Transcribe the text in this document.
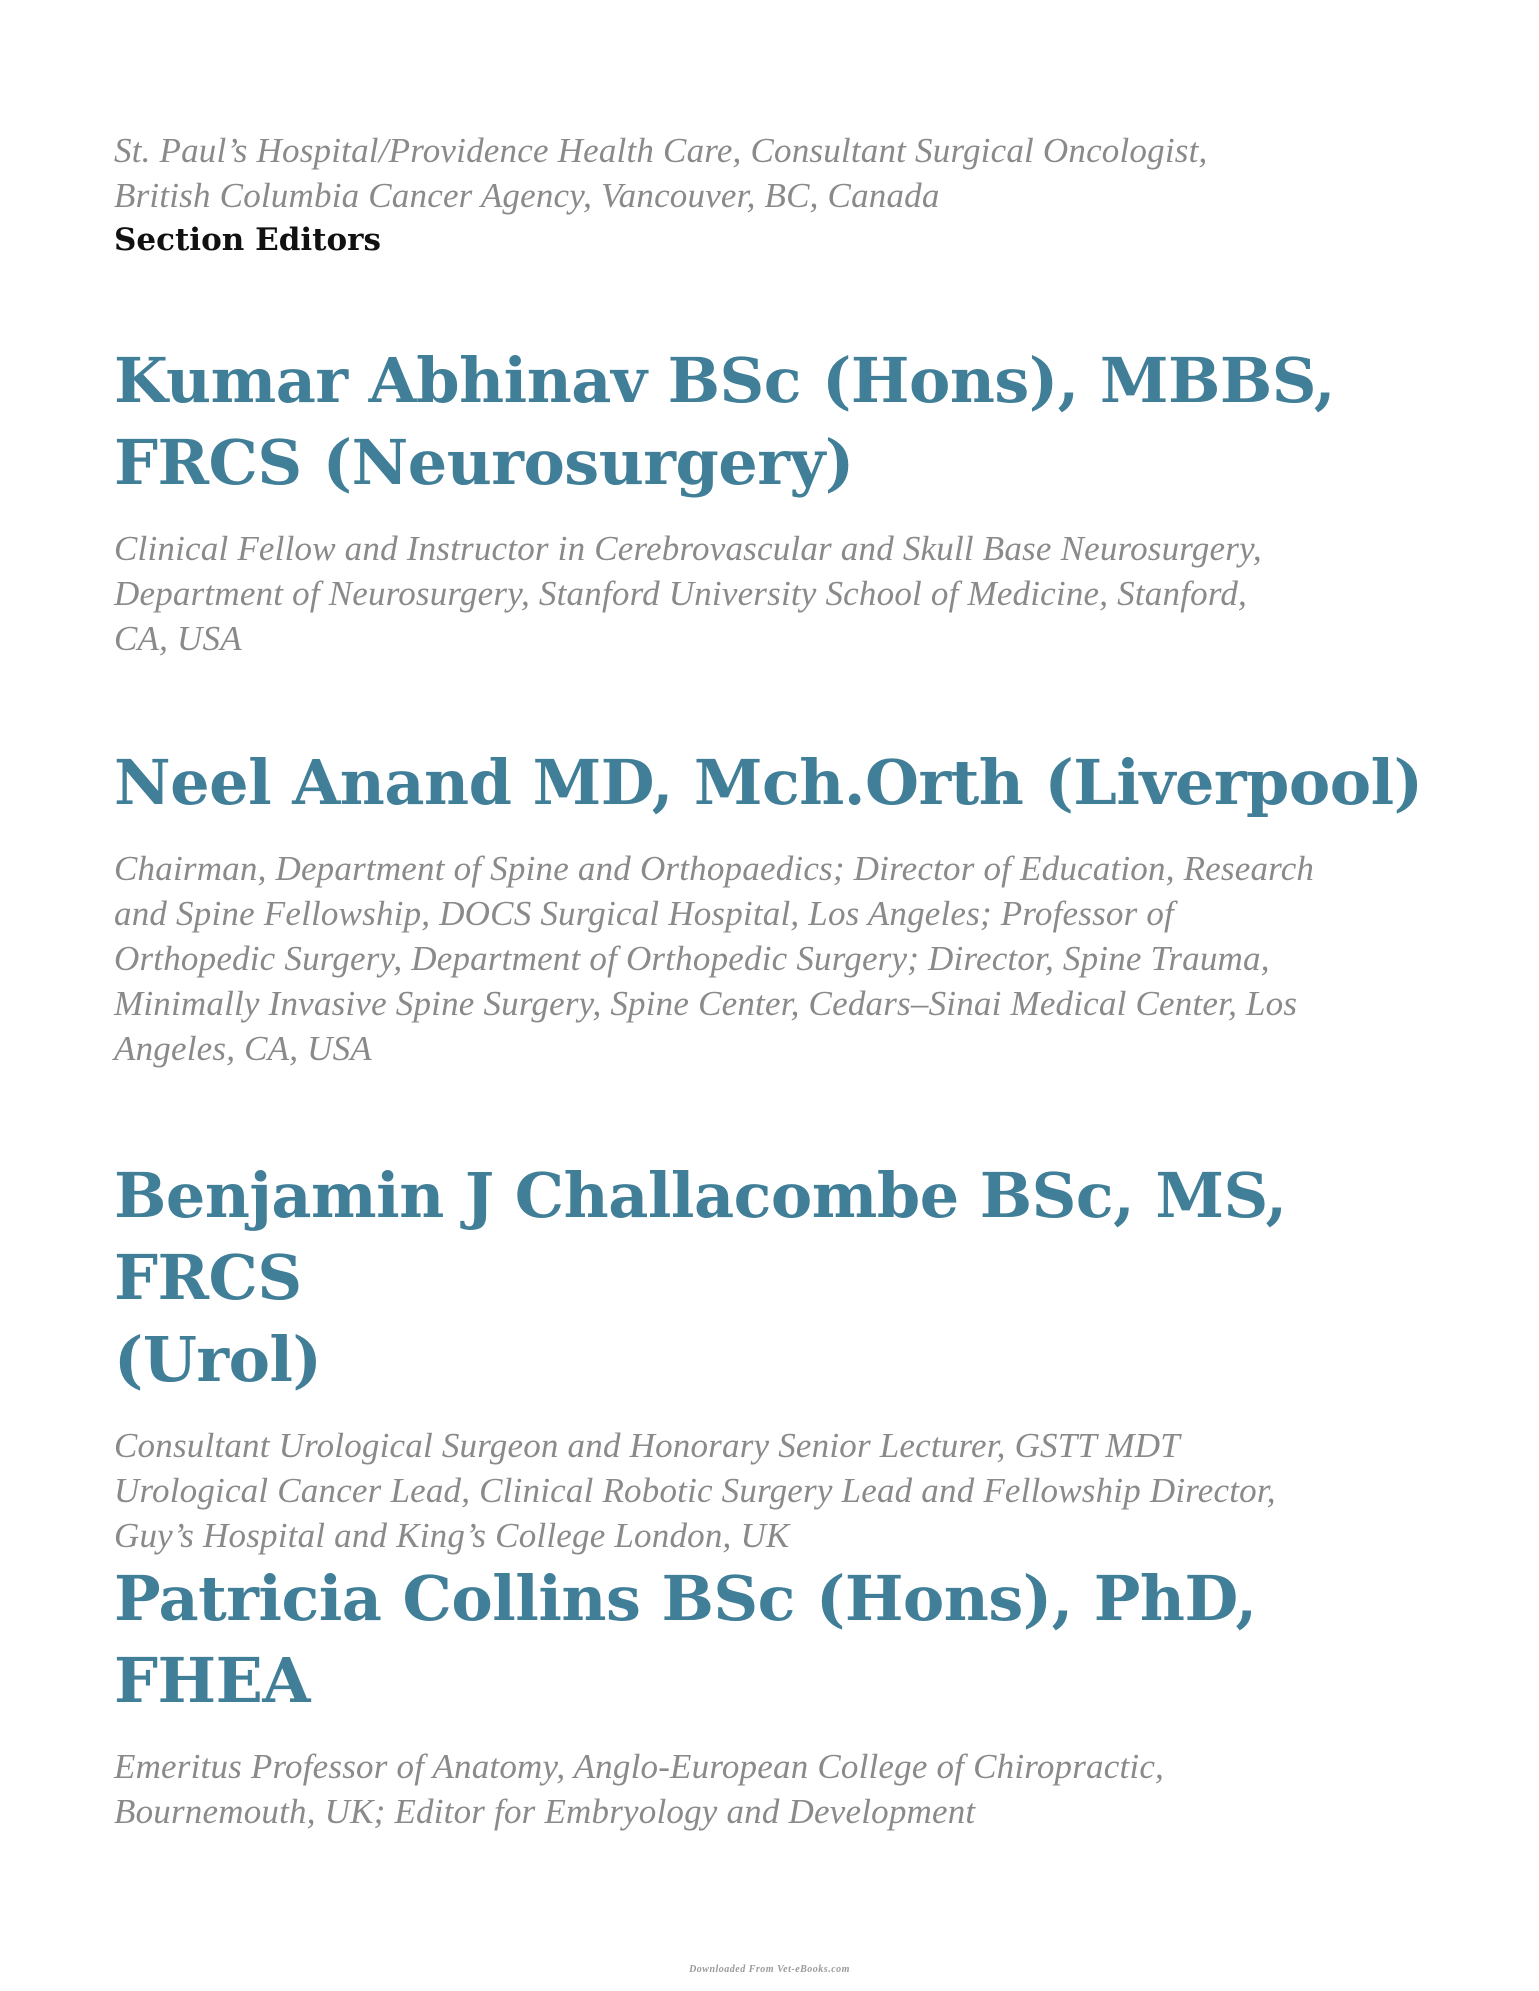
St. Paul’s Hospital/Providence Health Care, Consultant Surgical Oncologist,

British Columbia Cancer Agency, Vancouver, BC, Canada

Section Editors

Kumar Abhinav BSc (Hons), MBBS,

FRCS (Neurosurgery)

Clinical Fellow and Instructor in Cerebrovascular and Skull Base Neurosurgery,

Department of Neurosurgery, Stanford University School of Medicine, Stanford,

CA, USA

Neel Anand MD, Mch.Orth (Liverpool)

Chairman, Department of Spine and Orthopaedics; Director of Education, Research

and Spine Fellowship, DOCS Surgical Hospital, Los Angeles; Professor of

Orthopedic Surgery, Department of Orthopedic Surgery; Director, Spine Trauma,

Minimally Invasive Spine Surgery, Spine Center, Cedars–Sinai Medical Center, Los

Angeles, CA, USA

Benjamin J Challacombe BSc, MS, FRCS

(Urol)

Consultant Urological Surgeon and Honorary Senior Lecturer, GSTT MDT

Urological Cancer Lead, Clinical Robotic Surgery Lead and Fellowship Director,

Guy’s Hospital and King’s College London, UK

Patricia Collins BSc (Hons), PhD, FHEA

Emeritus Professor of Anatomy, Anglo-European College of Chiropractic,

Bournemouth, UK; Editor for Embryology and Development

Downloaded From Vet-eBooks.com
